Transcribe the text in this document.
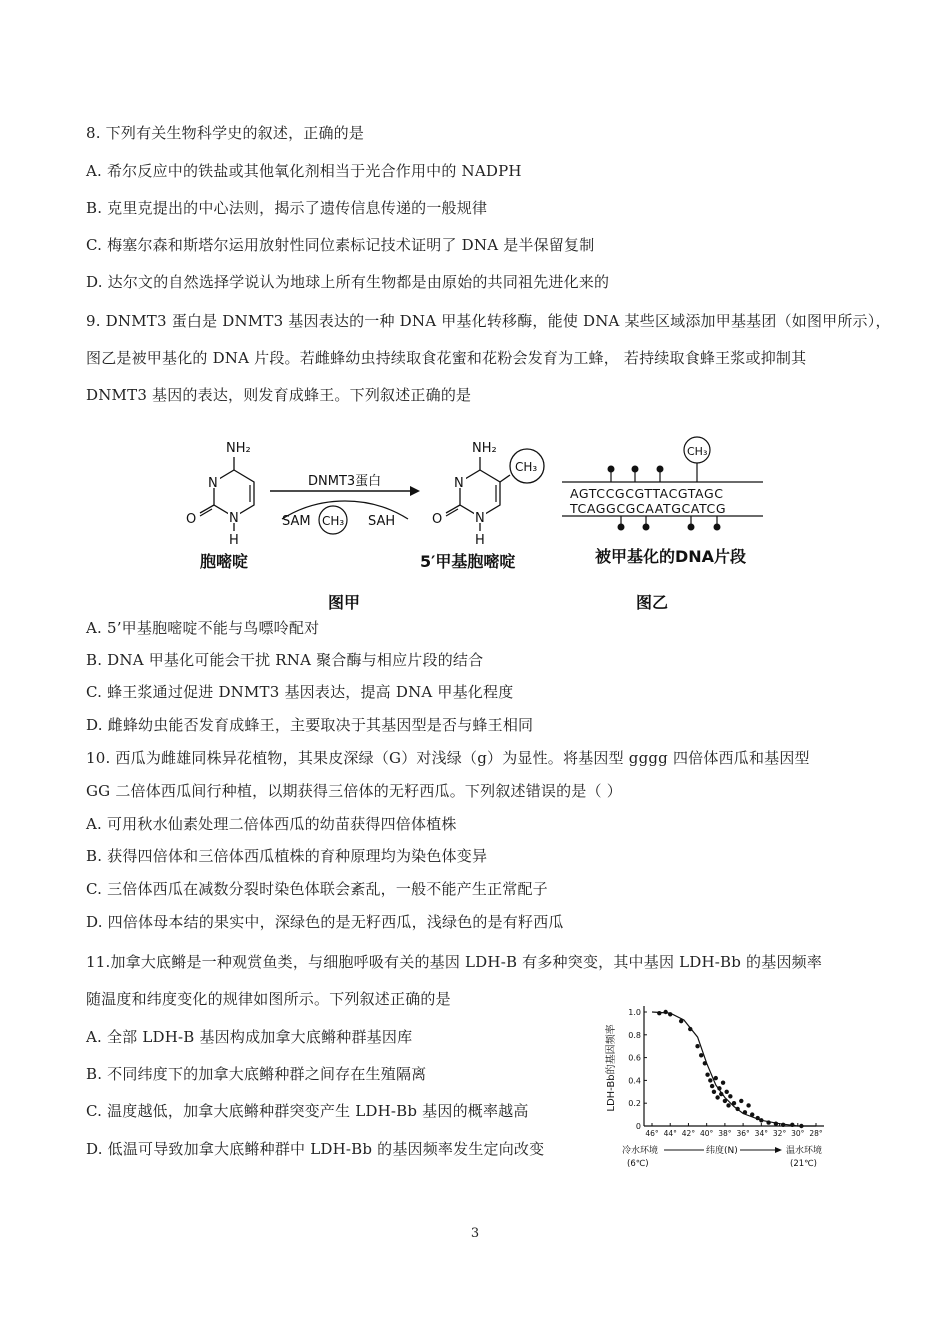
8. 下列有关生物科学史的叙述，正确的是
A. 希尔反应中的铁盐或其他氧化剂相当于光合作用中的 NADPH
B. 克里克提出的中心法则，揭示了遗传信息传递的一般规律
C. 梅塞尔森和斯塔尔运用放射性同位素标记技术证明了 DNA 是半保留复制
D. 达尔文的自然选择学说认为地球上所有生物都是由原始的共同祖先进化来的
9. DNMT3 蛋白是 DNMT3 基因表达的一种 DNA 甲基化转移酶，能使 DNA 某些区域添加甲基基团（如图甲所示），
图乙是被甲基化的 DNA 片段。若雌蜂幼虫持续取食花蜜和花粉会发育为工蜂， 若持续取食蜂王浆或抑制其
DNMT3 基因的表达，则发育成蜂王。下列叙述正确的是
NH₂
N
N
O
H
胞嘧啶
DNMT3蛋白
SAM CH₃ SAH
NH₂
N
N
O
H
CH₃
5′甲基胞嘧啶
AGTCCGCGTTACGTAGC
TCAGGCGCAATGCATCG
CH₃
被甲基化的DNA片段
图甲	图乙
A. 5’甲基胞嘧啶不能与鸟嘌呤配对
B. DNA 甲基化可能会干扰 RNA 聚合酶与相应片段的结合
C. 蜂王浆通过促进 DNMT3 基因表达，提高 DNA 甲基化程度
D. 雌蜂幼虫能否发育成蜂王，主要取决于其基因型是否与蜂王相同
10. 西瓜为雌雄同株异花植物，其果皮深绿（G）对浅绿（g）为显性。将基因型 gggg 四倍体西瓜和基因型
GG 二倍体西瓜间行种植，以期获得三倍体的无籽西瓜。下列叙述错误的是（ ）
A. 可用秋水仙素处理二倍体西瓜的幼苗获得四倍体植株
B. 获得四倍体和三倍体西瓜植株的育种原理均为染色体变异
C. 三倍体西瓜在减数分裂时染色体联会紊乱，一般不能产生正常配子
D. 四倍体母本结的果实中，深绿色的是无籽西瓜，浅绿色的是有籽西瓜
11.加拿大底鳉是一种观赏鱼类，与细胞呼吸有关的基因 LDH-B 有多种突变，其中基因 LDH-Bb 的基因频率
随温度和纬度变化的规律如图所示。下列叙述正确的是
A. 全部 LDH-B 基因构成加拿大底鳉种群基因库
B. 不同纬度下的加拿大底鳉种群之间存在生殖隔离
C. 温度越低，加拿大底鳉种群突变产生 LDH-Bb 基因的概率越高
D. 低温可导致加拿大底鳉种群中 LDH-Bb 的基因频率发生定向改变
LDH-Bb的基因频率
1.0
0.8
0.6
0.4
0.2
0
46° 44° 42° 40° 38° 36° 34° 32° 30° 28°
冷水环境
(6℃)
纬度(N)	温水环境
(21℃)
3
